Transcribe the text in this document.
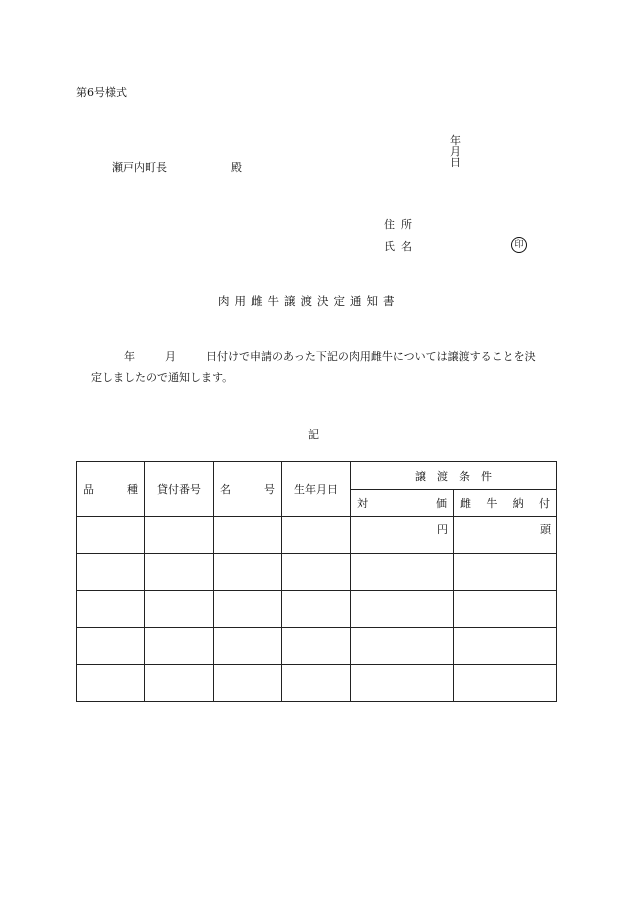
第6号様式

年
月
日

瀬戸内町長	殿
住所
氏名	印
肉用雌牛譲渡決定通知書
年	月	日付けで申請のあった下記の肉用雌牛については譲渡することを決
定しましたので通知します。
記
品 種	貸付番号	名 号	生年月日	譲　渡　条　件	

				対 価	雌 牛 納 付

				円	頭
